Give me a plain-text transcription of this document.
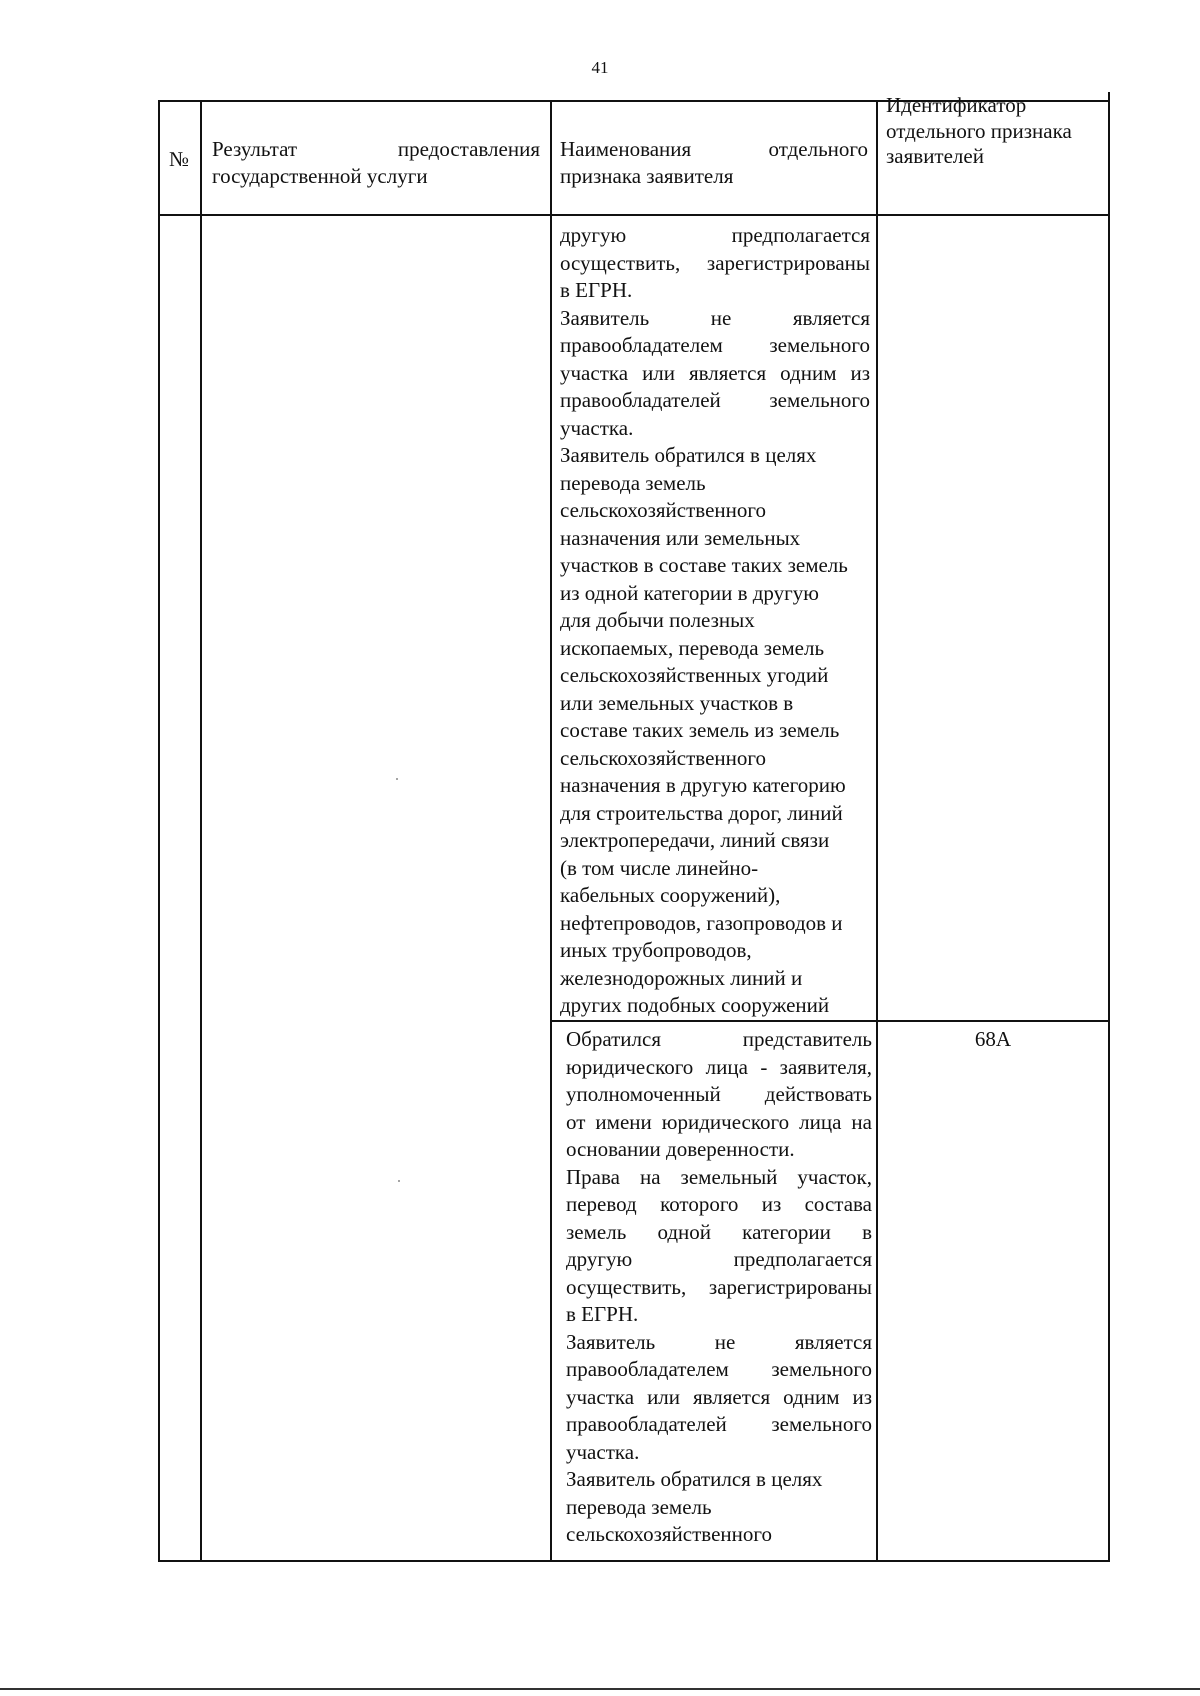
41
№	Результат предоставления государственной услуги
Наименования отдельного признака заявителя
Идентификатор отдельного признака заявителей
другую предполагается
осуществить, зарегистрированы
в ЕГРН.
Заявитель не является
правообладателем земельного
участка или является одним из
правообладателей земельного
участка.
Заявитель обратился в целях
перевода земель
сельскохозяйственного
назначения или земельных
участков в составе таких земель
из одной категории в другую
для добычи полезных
ископаемых, перевода земель
сельскохозяйственных угодий
или земельных участков в
составе таких земель из земель
сельскохозяйственного
назначения в другую категорию
для строительства дорог, линий
электропередачи, линий связи
(в том числе линейно-
кабельных сооружений),
нефтепроводов, газопроводов и
иных трубопроводов,
железнодорожных линий и
других подобных сооружений
Обратился представитель
юридического лица - заявителя,
уполномоченный действовать
от имени юридического лица на
основании доверенности.
Права на земельный участок,
перевод которого из состава
земель одной категории в
другую предполагается
осуществить, зарегистрированы
в ЕГРН.
Заявитель не является
правообладателем земельного
участка или является одним из
правообладателей земельного
участка.
Заявитель обратился в целях
перевода земель
сельскохозяйственного
68А
